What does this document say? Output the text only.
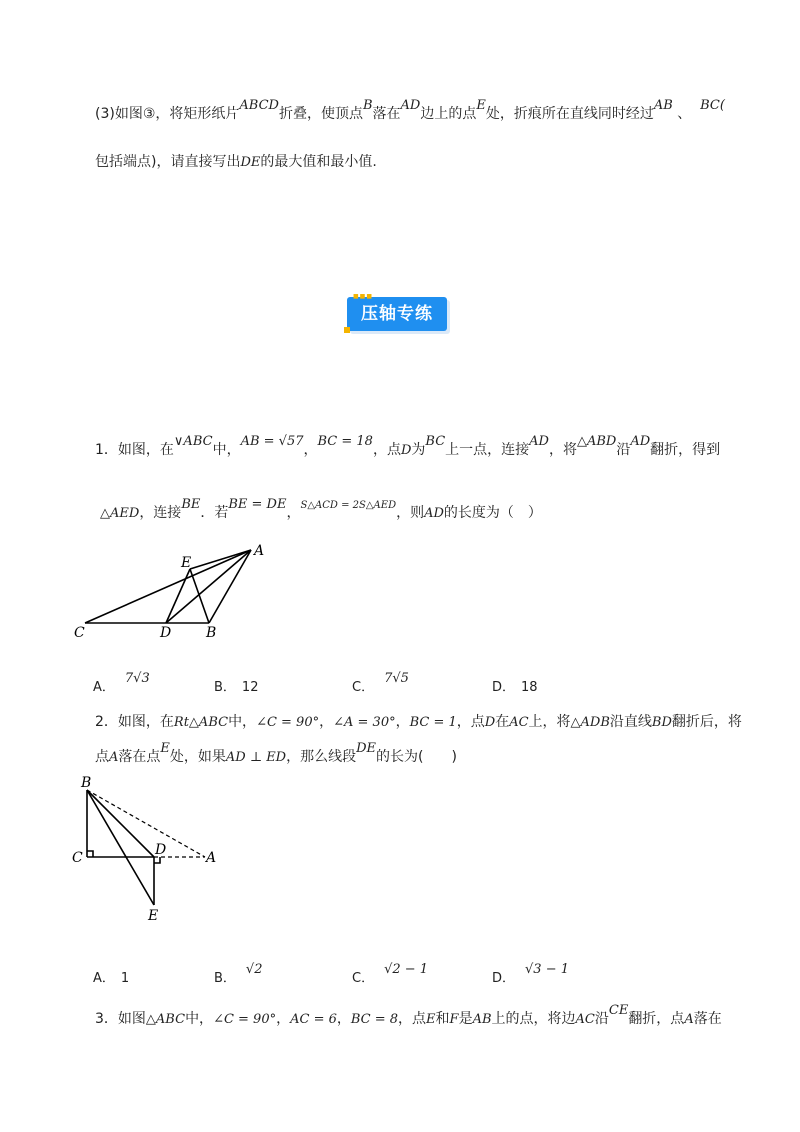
(3)如图③，将矩形纸片ABCD折叠，使顶点B落在AD边上的点E处，折痕所在直线同时经过AB 、  BC(
包括端点)，请直接写出DE的最大值和最小值.
■■■
压轴专练
1．如图，在∨ABC中，AB = √57，BC = 18，点D为BC上一点，连接AD，将△ABD沿AD翻折，得到
△AED，连接BE．若BE = DE，$^{S\triangle ACD = 2S\triangle AED}$，则AD的长度为（　）
E
A
C	D B
A．7√3
B． 12	C．7√5
D． 18
2．如图，在Rt△ABC中，∠C = 90°，∠A = 30°，BC = 1，点D在AC上，将△ADB沿直线BD翻折后，将
点A落在点E处，如果AD ⊥ ED，那么线段DE的长为(　　)
B
C	D	A
E
A． 1	B．√2
C．√2 − 1
D．√3 − 1
3．如图△ABC中，∠C = 90°，AC = 6，BC = 8，点E和F是AB上的点，将边AC沿CE翻折，点A落在
